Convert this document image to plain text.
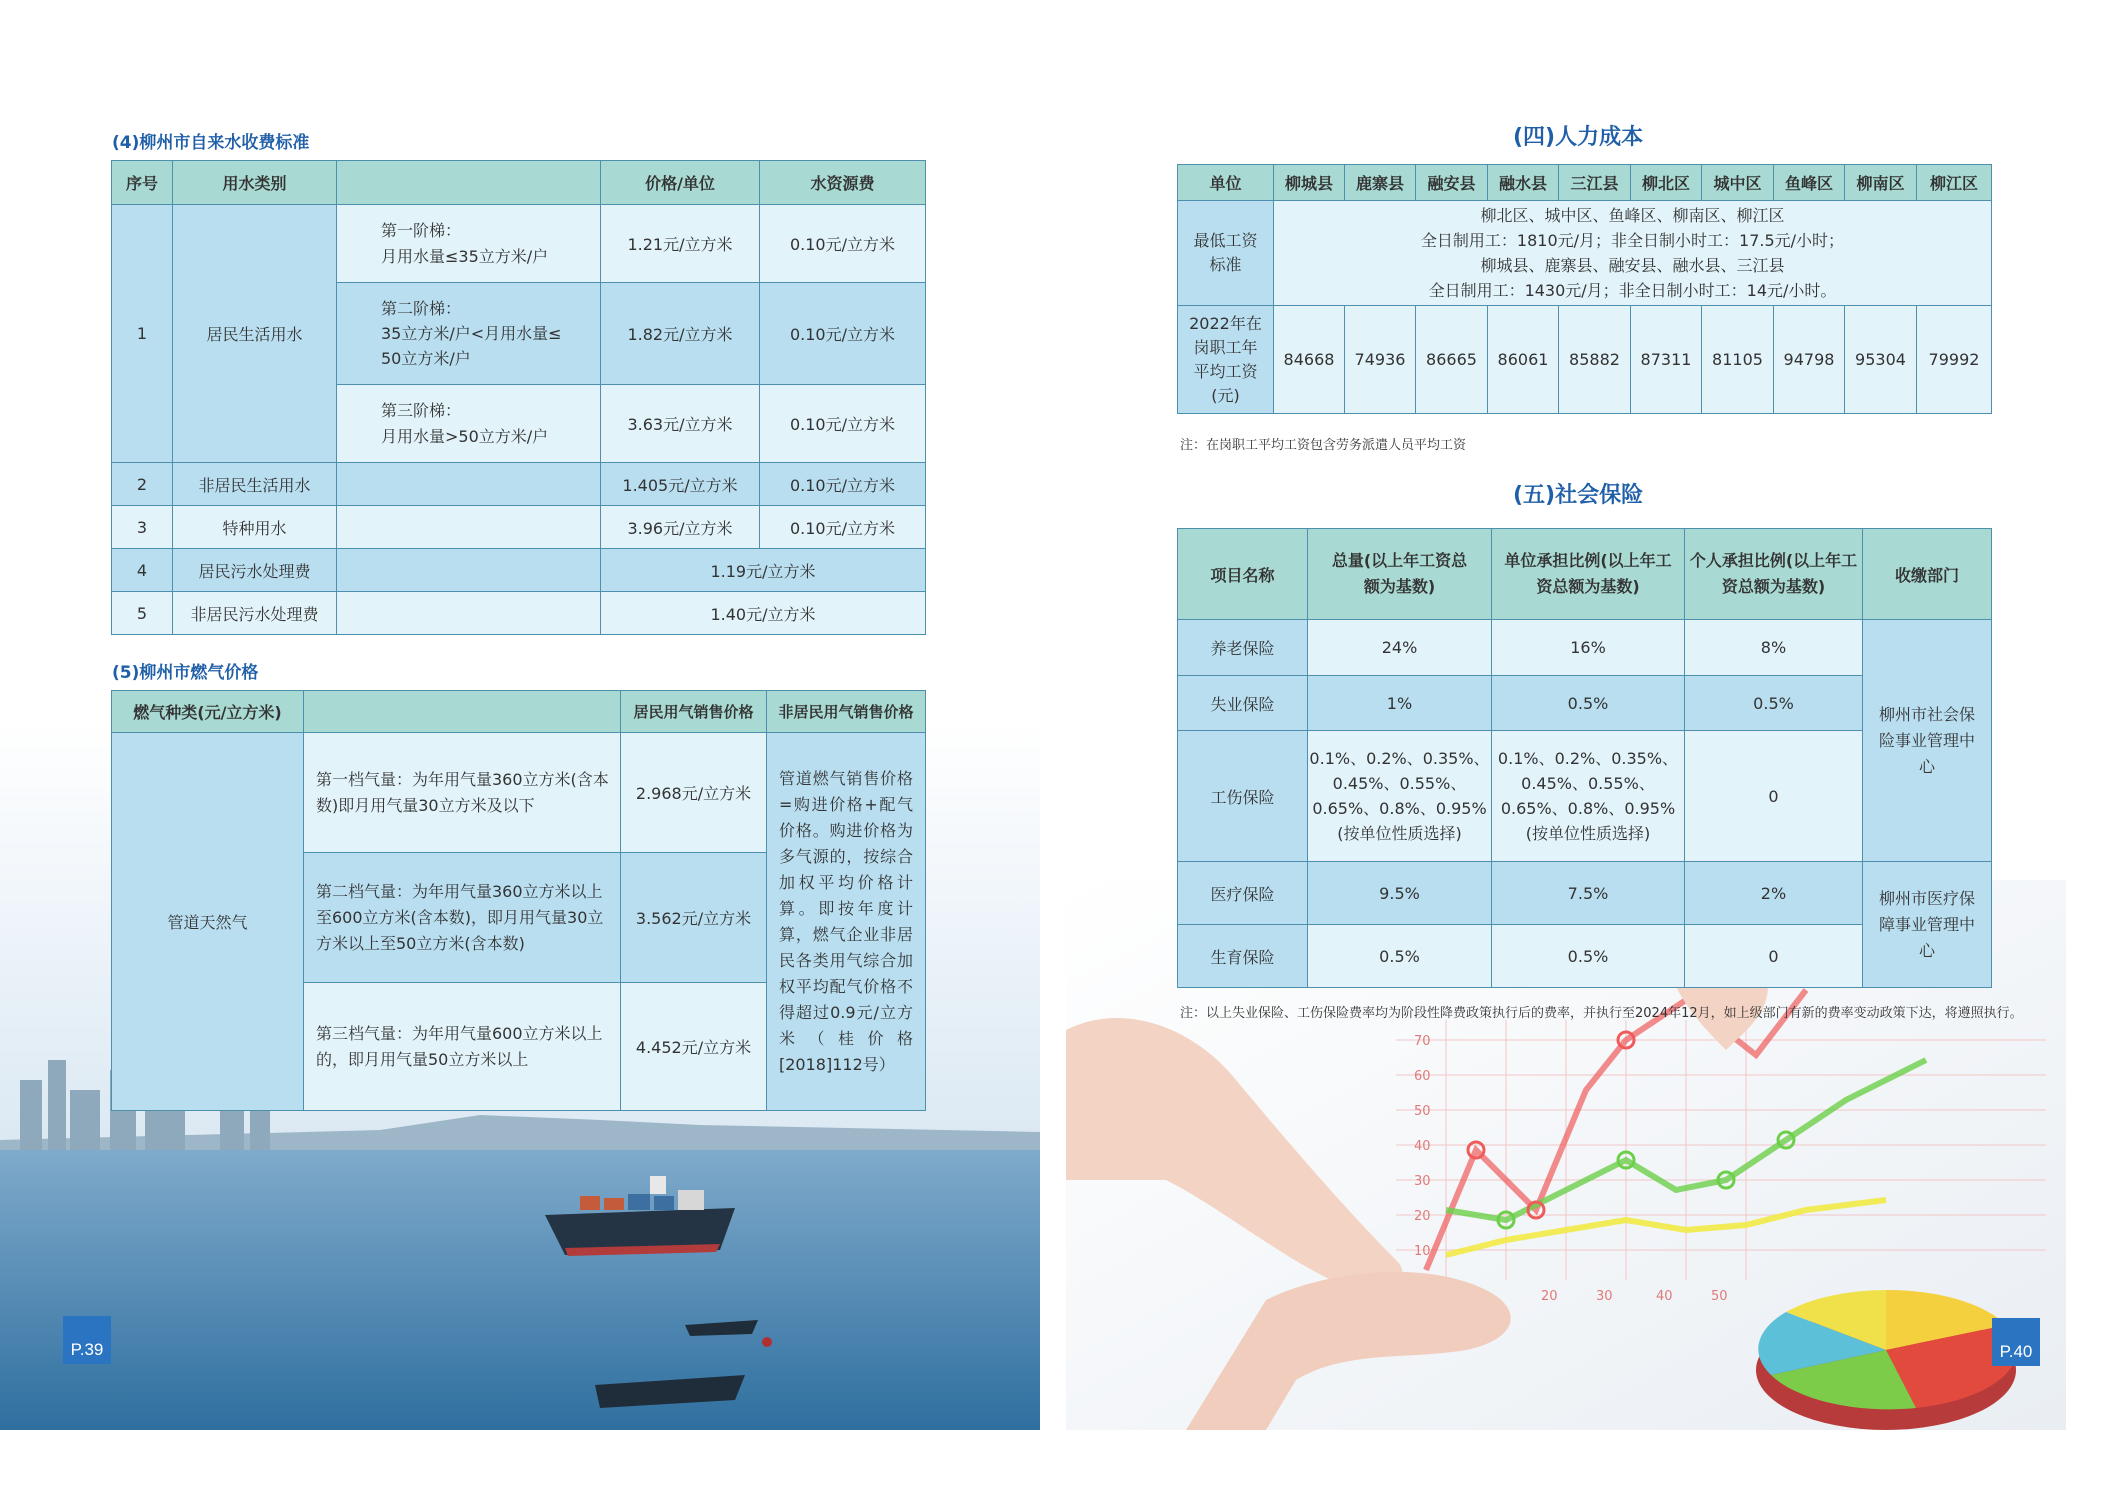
(4)柳州市自来水收费标准
序号	用水类别		价格/单位	水资源费
1	居民生活用水	第一阶梯：
月用水量≤35立方米/户	1.21元/立方米	0.10元/立方米
		第二阶梯：
35立方米/户<月用水量≤
50立方米/户	1.82元/立方米	0.10元/立方米
		第三阶梯：
月用水量>50立方米/户	3.63元/立方米	0.10元/立方米
2	非居民生活用水		1.405元/立方米	0.10元/立方米
3	特种用水		3.96元/立方米	0.10元/立方米
4	居民污水处理费		1.19元/立方米	
5	非居民污水处理费		1.40元/立方米	
(5)柳州市燃气价格
燃气种类(元/立方米)		居民用气销售价格	非居民用气销售价格
管道天然气	第一档气量：为年用气量360立方米(含本数)即月用气量30立方米及以下	2.968元/立方米	管道燃气销售价格=购进价格+配气价格。购进价格为多气源的，按综合加权平均价格计算。即按年度计算，燃气企业非居民各类用气综合加权平均配气价格不得超过0.9元/立方米（桂价格[2018]112号）
	第二档气量：为年用气量360立方米以上至600立方米(含本数)，即月用气量30立方米以上至50立方米(含本数)	3.562元/立方米	
	第三档气量：为年用气量600立方米以上的，即月用气量50立方米以上	4.452元/立方米	
P.39
70
60
50
40
30
20
10
20	30	40	50
(四)人力成本
单位	柳城县	鹿寨县	融安县	融水县	三江县	柳北区	城中区	鱼峰区	柳南区	柳江区
最低工资标准	柳北区、城中区、鱼峰区、柳南区、柳江区
全日制用工：1810元/月；非全日制小时工：17.5元/小时；
柳城县、鹿寨县、融安县、融水县、三江县
全日制用工：1430元/月；非全日制小时工：14元/小时。									

2022年在岗职工年平均工资(元)	84668	74936	86665	86061	85882	87311	81105	94798	95304	79992
注：在岗职工平均工资包含劳务派遣人员平均工资
(五)社会保险
项目名称	总量(以上年工资总额为基数)	单位承担比例(以上年工资总额为基数)	个人承担比例(以上年工资总额为基数)	收缴部门
养老保险	24%	16%	8%	柳州市社会保险事业管理中心
失业保险	1%	0.5%	0.5%	
工伤保险	0.1%、0.2%、0.35%、
0.45%、0.55%、
0.65%、0.8%、0.95%
(按单位性质选择)	0.1%、0.2%、0.35%、
0.45%、0.55%、
0.65%、0.8%、0.95%
(按单位性质选择)	0	
医疗保险	9.5%	7.5%	2%	柳州市医疗保障事业管理中心
生育保险	0.5%	0.5%	0	
注：以上失业保险、工伤保险费率均为阶段性降费政策执行后的费率，并执行至2024年12月，如上级部门有新的费率变动政策下达，将遵照执行。
P.40
